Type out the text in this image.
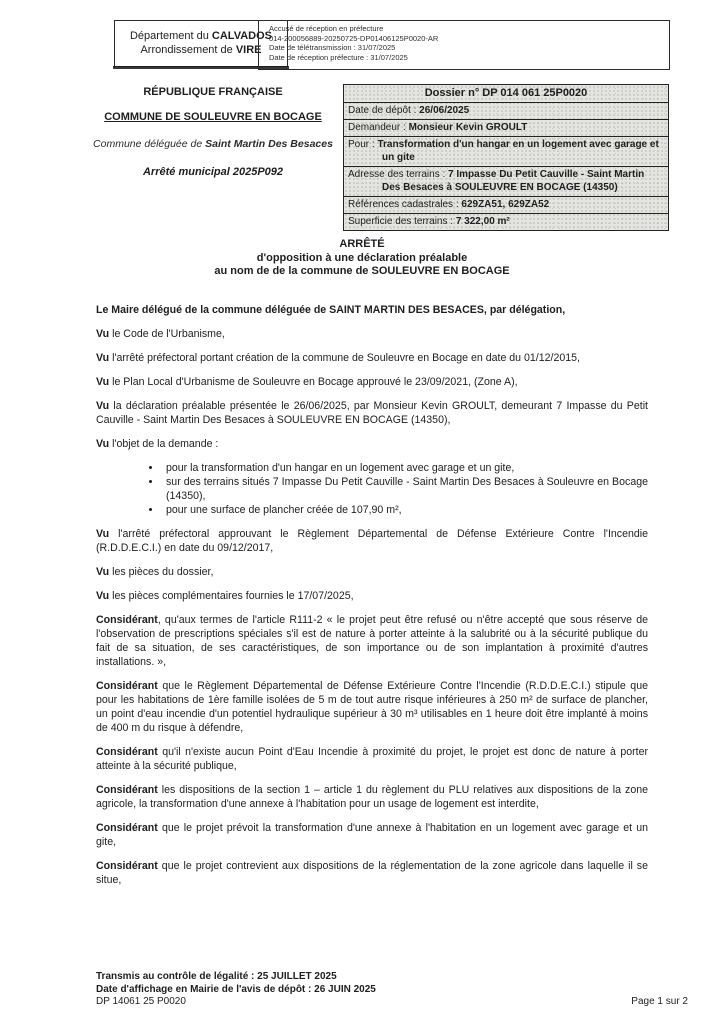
Département du CALVADOS
Arrondissement de VIRE
Accusé de réception en préfecture
014-200056889-20250725-DP01406125P0020-AR
Date de télétransmission : 31/07/2025
Date de réception préfecture : 31/07/2025
RÉPUBLIQUE FRANÇAISE
COMMUNE DE SOULEUVRE EN BOCAGE
Commune déléguée de Saint Martin Des Besaces
Arrêté municipal 2025P092
Dossier n° DP 014 061 25P0020
Date de dépôt : 26/06/2025
Demandeur : Monsieur Kevin GROULT
Pour : Transformation d'un hangar en un logement avec garage et un gite
Adresse des terrains : 7 Impasse Du Petit Cauville - Saint Martin Des Besaces à SOULEUVRE EN BOCAGE (14350)
Références cadastrales : 629ZA51, 629ZA52
Superficie des terrains : 7 322,00 m²
ARRÊTÉ
d'opposition à une déclaration préalable
au nom de de la commune de SOULEUVRE EN BOCAGE

Le Maire délégué de la commune déléguée de SAINT MARTIN DES BESACES, par délégation,

Vu le Code de l'Urbanisme,

Vu l'arrêté préfectoral portant création de la commune de Souleuvre en Bocage en date du 01/12/2015,

Vu le Plan Local d'Urbanisme de Souleuvre en Bocage approuvé le 23/09/2021, (Zone A),

Vu la déclaration préalable présentée le 26/06/2025, par Monsieur Kevin GROULT, demeurant 7 Impasse du Petit Cauville - Saint Martin Des Besaces à SOULEUVRE EN BOCAGE (14350),

Vu l'objet de la demande :

• pour la transformation d'un hangar en un logement avec garage et un gite,
• sur des terrains situés 7 Impasse Du Petit Cauville - Saint Martin Des Besaces à Souleuvre en Bocage (14350),
• pour une surface de plancher créée de 107,90 m²,

Vu l'arrêté préfectoral approuvant le Règlement Départemental de Défense Extérieure Contre l'Incendie (R.D.D.E.C.I.) en date du 09/12/2017,

Vu les pièces du dossier,

Vu les pièces complémentaires fournies le 17/07/2025,

Considérant, qu'aux termes de l'article R111-2 « le projet peut être refusé ou n'être accepté que sous réserve de l'observation de prescriptions spéciales s'il est de nature à porter atteinte à la salubrité ou à la sécurité publique du fait de sa situation, de ses caractéristiques, de son importance ou de son implantation à proximité d'autres installations. »,

Considérant que le Règlement Départemental de Défense Extérieure Contre l'Incendie (R.D.D.E.C.I.) stipule que pour les habitations de 1ère famille isolées de 5 m de tout autre risque inférieures à 250 m² de surface de plancher, un point d'eau incendie d'un potentiel hydraulique supérieur à 30 m³ utilisables en 1 heure doit être implanté à moins de 400 m du risque à défendre,

Considérant qu'il n'existe aucun Point d'Eau Incendie à proximité du projet, le projet est donc de nature à porter atteinte à la sécurité publique,

Considérant les dispositions de la section 1 – article 1 du règlement du PLU relatives aux dispositions de la zone agricole, la transformation d'une annexe à l'habitation pour un usage de logement est interdite,

Considérant que le projet prévoit la transformation d'une annexe à l'habitation en un logement avec garage et un gite,

Considérant que le projet contrevient aux dispositions de la réglementation de la zone agricole dans laquelle il se situe,

Transmis au contrôle de légalité : 25 JUILLET 2025
Date d'affichage en Mairie de l'avis de dépôt : 26 JUIN 2025
DP 14061 25 P0020	Page 1 sur 2
